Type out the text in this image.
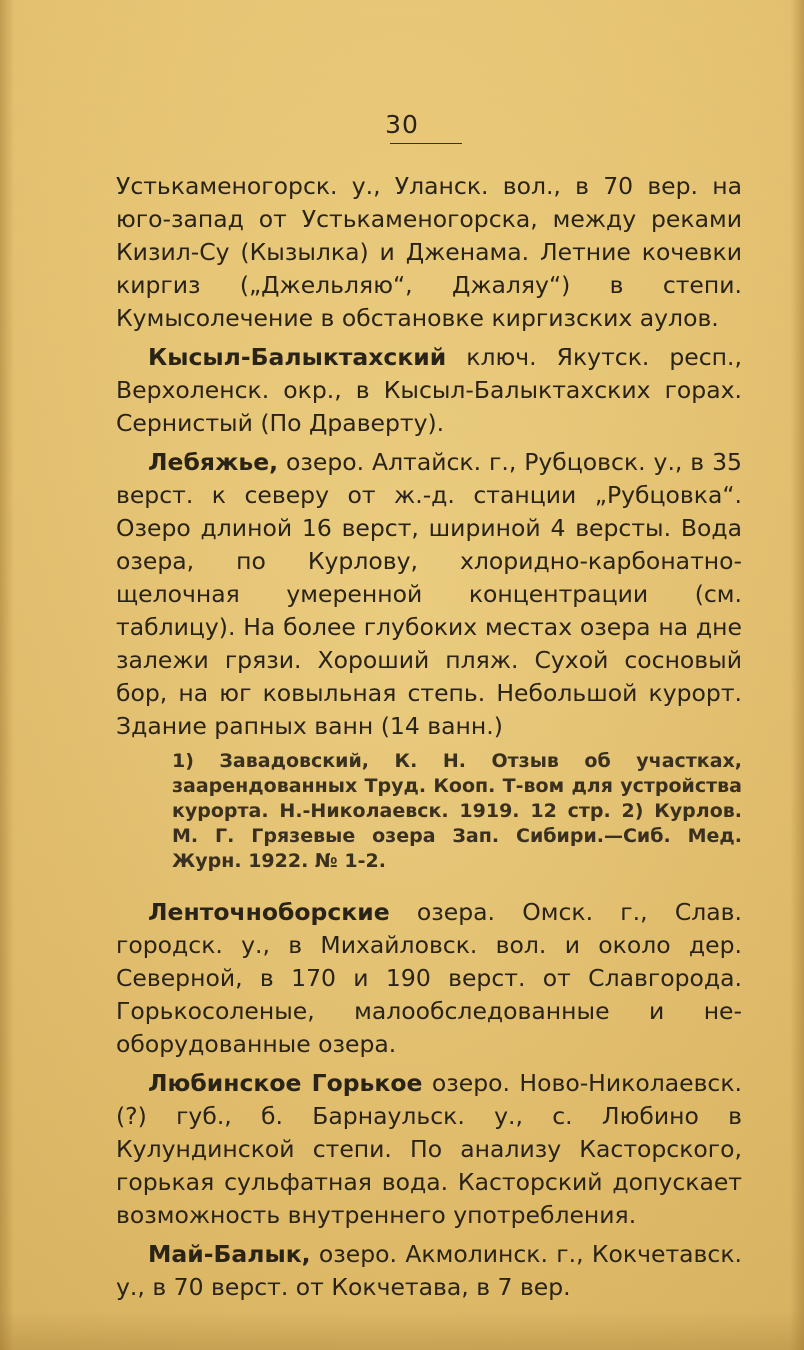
30

Устькаменогорск. у., Уланск. вол., в 70 вер. на юго-запад от Устькаменогорска, между реками Кизил-Су (Кызылка) и Дженама. Летние кочевки киргиз („Джельляю“, Джаляу“) в степи. Кумысолечение в обстановке киргизских аулов.

Кысыл-Балыктахский ключ. Якутск. респ., Верхоленск. окр., в Кысыл-Балыктахских горах. Сернистый (По Драверту).

Лебяжье, озеро. Алтайск. г., Рубцовск. у., в 35 верст. к северу от ж.-д. станции „Рубцовка“. Озеро длиной 16 верст, шириной 4 версты. Вода озера, по Курлову, хлоридно-карбонатно-щелочная умеренной концентрации (см. таблицу). На более глубоких местах озера на дне залежи грязи. Хороший пляж. Сухой сосновый бор, на юг ковыльная степь. Небольшой курорт. Здание рапных ванн (14 ванн.)

1) Завадовский, К. Н. Отзыв об участках, заарендованных Труд. Кооп. Т-вом для устройства курорта. Н.-Николаевск. 1919. 12 стр. 2) Курлов. М. Г. Грязевые озера Зап. Сибири.—Сиб. Мед. Журн. 1922. № 1-2.

Ленточноборские озера. Омск. г., Слав. городск. у., в Михайловск. вол. и около дер. Северной, в 170 и 190 верст. от Славгорода. Горькосоленые, малообследованные и не-оборудованные озера.

Любинское Горькое озеро. Ново-Николаевск. (?) губ., б. Барнаульск. у., с. Любино в Кулундинской степи. По анализу Касторского, горькая сульфатная вода. Касторский допускает возможность внутреннего употребления.

Май-Балык, озеро. Акмолинск. г., Кокчетавск. у., в 70 верст. от Кокчетава, в 7 вер.
